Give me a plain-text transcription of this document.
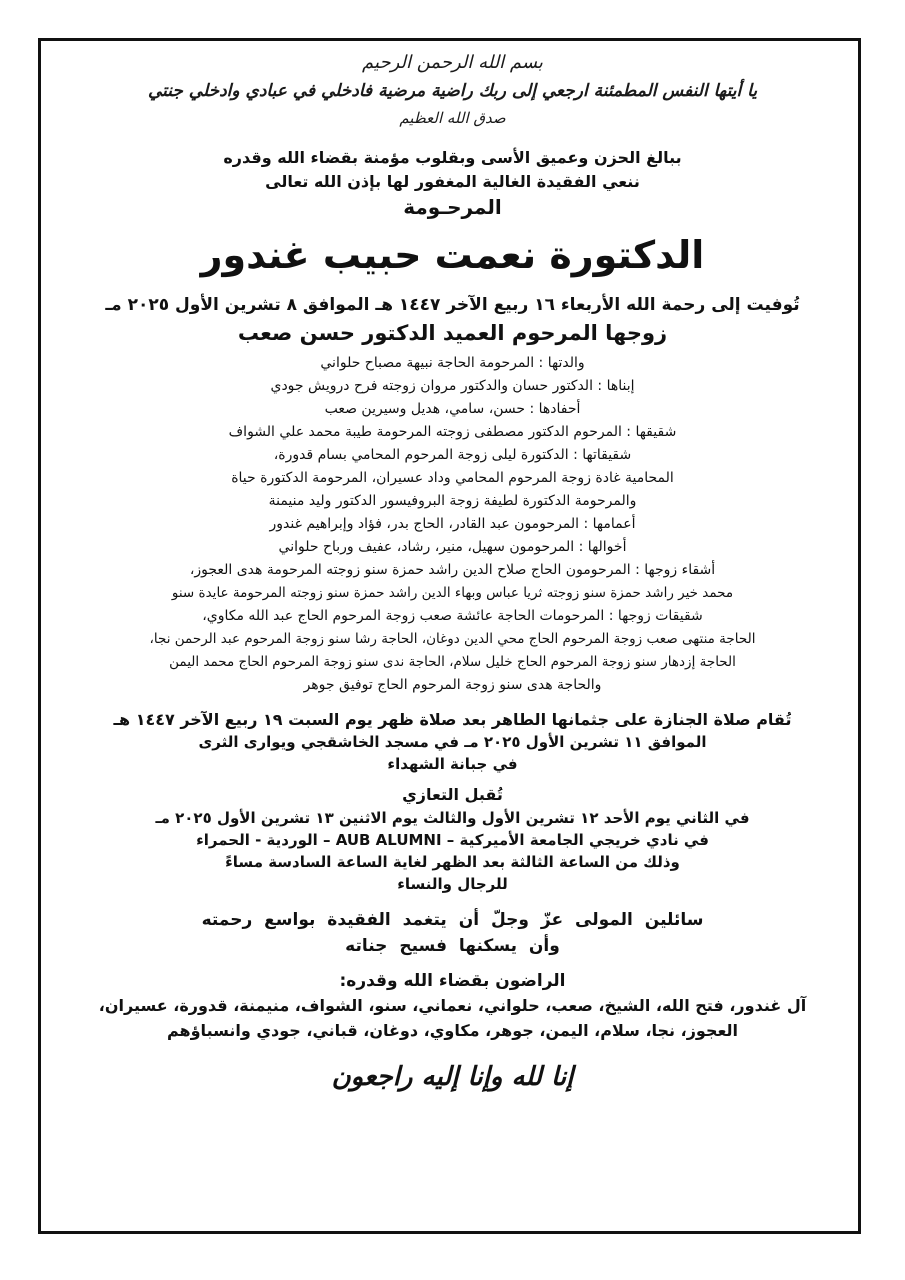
بسم الله الرحمن الرحيم
يا أيتها النفس المطمئنة ارجعي إلى ربك راضية مرضية فادخلي في عبادي وادخلي جنتي
صدق الله العظيم
ببالغ الحزن وعميق الأسى وبقلوب مؤمنة بقضاء الله وقدره
ننعي الفقيدة الغالية المغفور لها بإذن الله تعالى
المرحـومة
الدكتورة نعمت حبيب غندور
تُوفيت إلى رحمة الله الأربعاء ١٦ ربيع الآخر ١٤٤٧ هـ الموافق ٨ تشرين الأول ٢٠٢٥ مـ
زوجها المرحوم العميد الدكتور حسن صعب
والدتها : المرحومة الحاجة نبيهة مصباح حلواني
إبناها : الدكتور حسان والدكتور مروان زوجته فرح درويش جودي
أحفادها : حسن، سامي، هديل وسيرين صعب
شقيقها : المرحوم الدكتور مصطفى زوجته المرحومة طيبة محمد علي الشواف
شقيقاتها : الدكتورة ليلى زوجة المرحوم المحامي بسام قدورة،
المحامية غادة زوجة المرحوم المحامي وداد عسيران، المرحومة الدكتورة حياة
والمرحومة الدكتورة لطيفة زوجة البروفيسور الدكتور وليد منيمنة
أعمامها : المرحومون عبد القادر، الحاج بدر، فؤاد وإبراهيم غندور
أخوالها : المرحومون سهيل، منير، رشاد، عفيف ورباح حلواني
أشقاء زوجها : المرحومون الحاج صلاح الدين راشد حمزة سنو زوجته المرحومة هدى العجوز،
محمد خير راشد حمزة سنو زوجته ثريا عباس وبهاء الدين راشد حمزة سنو زوجته المرحومة عايدة سنو
شقيقات زوجها : المرحومات الحاجة عائشة صعب زوجة المرحوم الحاج عبد الله مكاوي،
الحاجة منتهى صعب زوجة المرحوم الحاج محي الدين دوغان، الحاجة رشا سنو زوجة المرحوم عبد الرحمن نجا،
الحاجة إزدهار سنو زوجة المرحوم الحاج خليل سلام، الحاجة ندى سنو زوجة المرحوم الحاج محمد اليمن
والحاجة هدى سنو زوجة المرحوم الحاج توفيق جوهر
تُقام صلاة الجنازة على جثمانها الطاهر بعد صلاة ظهر يوم السبت ١٩ ربيع الآخر ١٤٤٧ هـ
الموافق ١١ تشرين الأول ٢٠٢٥ مـ في مسجد الخاشقجي ويوارى الثرى
في جبانة الشهداء
تُقبل التعازي
في الثاني يوم الأحد ١٢ تشرين الأول والثالث يوم الاثنين ١٣ تشرين الأول ٢٠٢٥ مـ
في نادي خريجي الجامعة الأميركية – AUB ALUMNI – الوردية - الحمراء
وذلك من الساعة الثالثة بعد الظهر لغاية الساعة السادسة مساءً
للرجال والنساء
سائلين المولى عزّ وجلّ أن يتغمد الفقيدة بواسع رحمته
وأن يسكنها فسيح جناته
الراضون بقضاء الله وقدره:
آل غندور، فتح الله، الشيخ، صعب، حلواني، نعماني، سنو، الشواف، منيمنة، قدورة، عسيران،
العجوز، نجا، سلام، اليمن، جوهر، مكاوي، دوغان، قباني، جودي وانسباؤهم
إنا لله وإنا إليه راجعون
